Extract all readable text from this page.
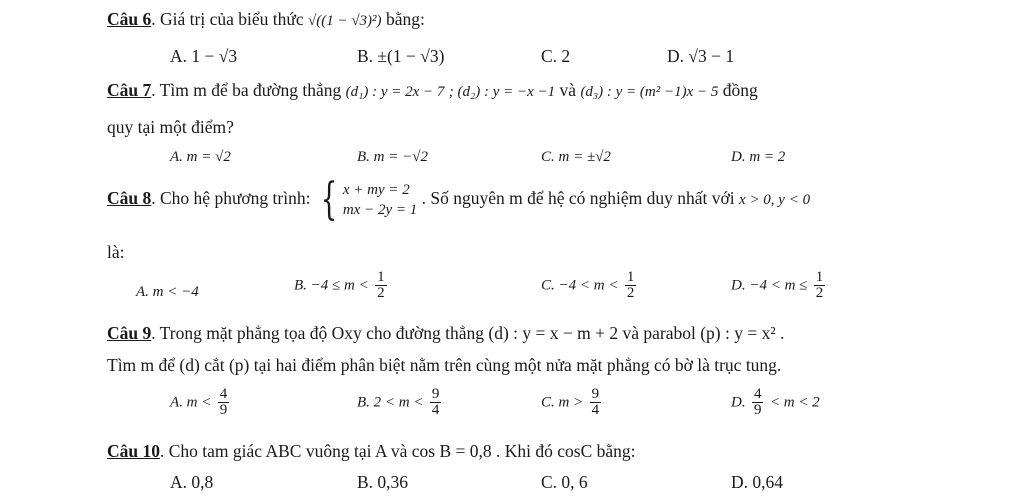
Câu 6. Giá trị của biểu thức √((1 − √3)²) bằng:
A. 1 − √3	B. ±(1 − √3)	C. 2	D. √3 − 1
Câu 7. Tìm m để ba đường thẳng (d₁) : y = 2x − 7 ; (d₂) : y = −x −1 và (d₃) : y = (m² −1)x − 5 đồng
quy tại một điểm?
A. m = √2	B. m = −√2	C. m = ±√2	D. m = 2
Câu 8. Cho hệ phương trình: { x + my = 2
mx − 2y = 1
. Số nguyên m để hệ có nghiệm duy nhất với x > 0, y < 0
là:
A. m < −4	B. $-4 \le m < \frac{1}{2}$	C. $-4 < m < \frac{1}{2}$	D. $-4 < m \le \frac{1}{2}$
Câu 9. Trong mặt phẳng tọa độ Oxy cho đường thẳng (d) : y = x − m + 2 và parabol (p) : y = x² .
Tìm m để (d) cắt (p) tại hai điểm phân biệt nằm trên cùng một nửa mặt phẳng có bờ là trục tung.
A. $m < \frac{4}{9}$	B. $2 < m < \frac{9}{4}$	C. $m > \frac{9}{4}$	D. $\frac{4}{9} < m < 2$
Câu 10. Cho tam giác ABC vuông tại A và cos B = 0,8 . Khi đó cosC bằng:
A. 0,8	B. 0,36	C. 0, 6	D. 0,64
